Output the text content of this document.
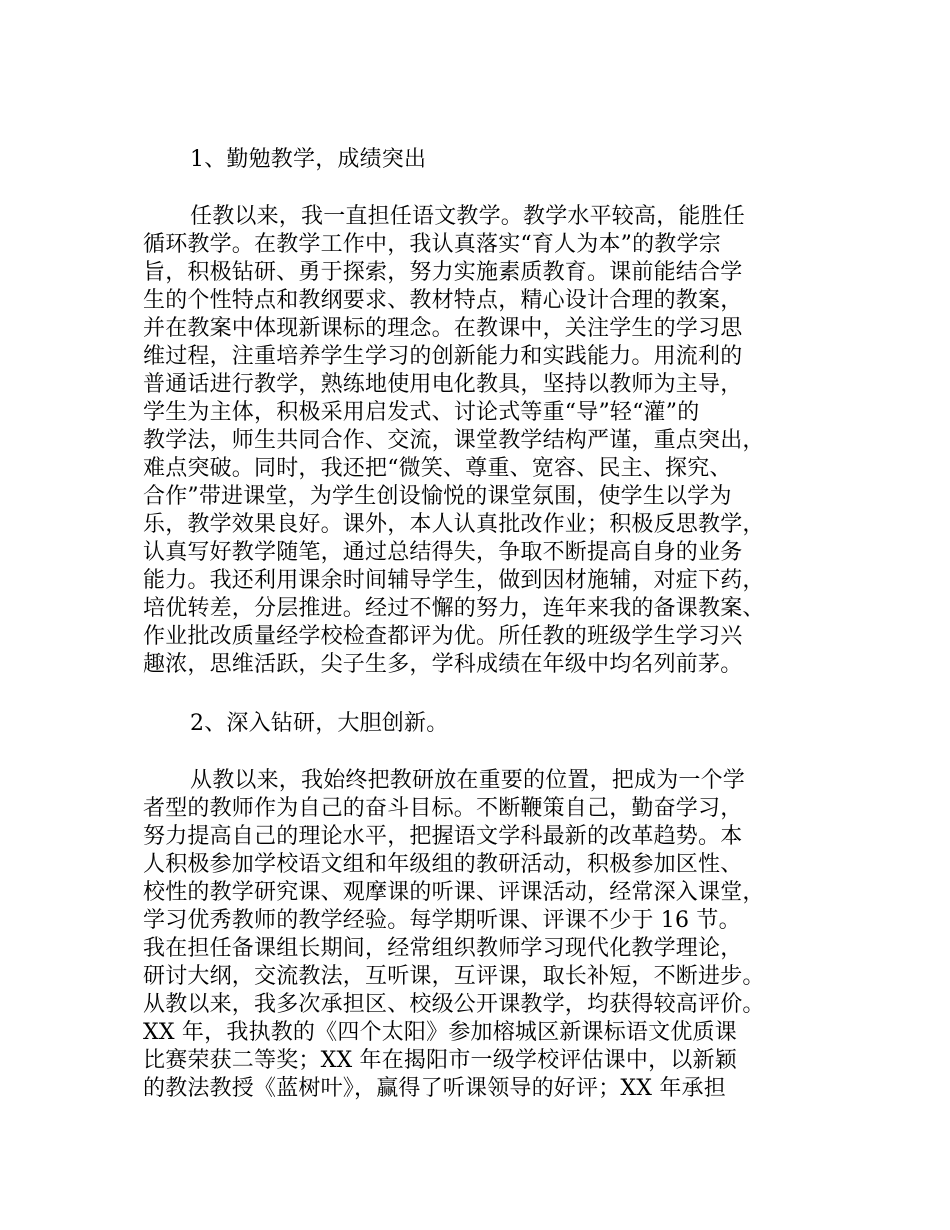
1、勤勉教学，成绩突出
任教以来，我一直担任语文教学。教学水平较高，能胜任
循环教学。在教学工作中，我认真落实“育人为本”的教学宗
旨，积极钻研、勇于探索，努力实施素质教育。课前能结合学
生的个性特点和教纲要求、教材特点，精心设计合理的教案，
并在教案中体现新课标的理念。在教课中，关注学生的学习思
维过程，注重培养学生学习的创新能力和实践能力。用流利的
普通话进行教学，熟练地使用电化教具，坚持以教师为主导，
学生为主体，积极采用启发式、讨论式等重“导”轻“灌”的
教学法，师生共同合作、交流，课堂教学结构严谨，重点突出，
难点突破。同时，我还把“微笑、尊重、宽容、民主、探究、
合作”带进课堂，为学生创设愉悦的课堂氛围，使学生以学为
乐，教学效果良好。课外，本人认真批改作业；积极反思教学，
认真写好教学随笔，通过总结得失，争取不断提高自身的业务
能力。我还利用课余时间辅导学生，做到因材施辅，对症下药，
培优转差，分层推进。经过不懈的努力，连年来我的备课教案、
作业批改质量经学校检查都评为优。所任教的班级学生学习兴
趣浓，思维活跃，尖子生多，学科成绩在年级中均名列前茅。
2、深入钻研，大胆创新。
从教以来，我始终把教研放在重要的位置，把成为一个学
者型的教师作为自己的奋斗目标。不断鞭策自己，勤奋学习，
努力提高自己的理论水平，把握语文学科最新的改革趋势。本
人积极参加学校语文组和年级组的教研活动，积极参加区性、
校性的教学研究课、观摩课的听课、评课活动，经常深入课堂，
学习优秀教师的教学经验。每学期听课、评课不少于 16 节。
我在担任备课组长期间，经常组织教师学习现代化教学理论，
研讨大纲，交流教法，互听课，互评课，取长补短，不断进步。
从教以来，我多次承担区、校级公开课教学，均获得较高评价。
XX 年，我执教的《四个太阳》参加榕城区新课标语文优质课
比赛荣获二等奖；XX 年在揭阳市一级学校评估课中，以新颖
的教法教授《蓝树叶》，赢得了听课领导的好评；XX 年承担
